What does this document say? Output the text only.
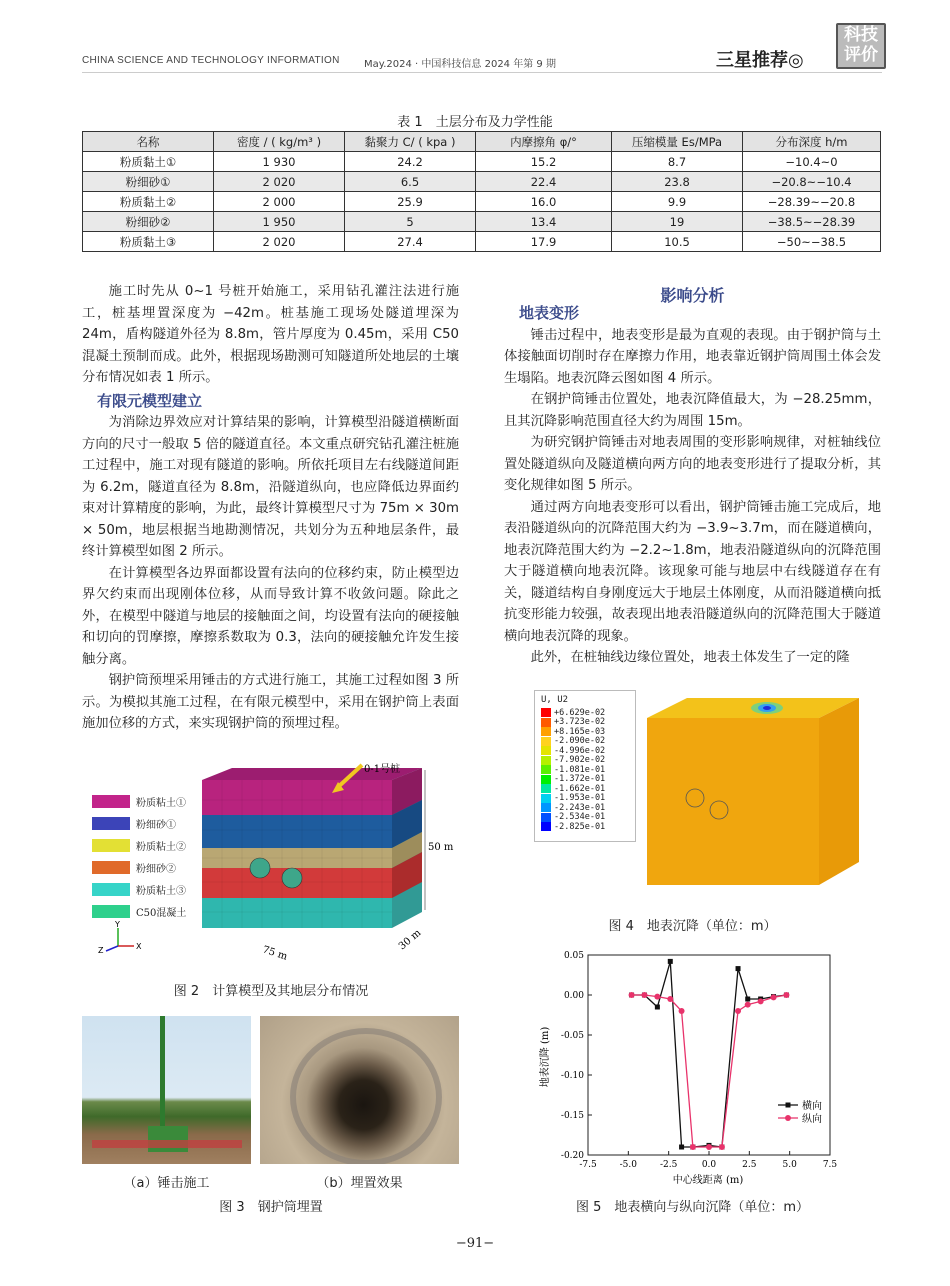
CHINA SCIENCE AND TECHNOLOGY INFORMATION May.2024 · 中国科技信息 2024 年第 9 期	三星推荐◎
科技
评价
表 1　土层分布及力学性能
名称	密度 / ( kg/m³ )	黏聚力 C/ ( kpa )	内摩擦角 φ/°	压缩模量 Es/MPa	分布深度 h/m
粉质黏土①	1 930	24.2	15.2	8.7	−10.4~0
粉细砂①	2 020	6.5	22.4	23.8	−20.8~−10.4
粉质黏土②	2 000	25.9	16.0	9.9	−28.39~−20.8
粉细砂②	1 950	5	13.4	19	−38.5~−28.39
粉质黏土③	2 020	27.4	17.9	10.5	−50~−38.5

施工时先从 0~1 号桩开始施工，采用钻孔灌注法进行施工，桩基埋置深度为 −42m。桩基施工现场处隧道埋深为 24m，盾构隧道外径为 8.8m，管片厚度为 0.45m，采用 C50 混凝土预制而成。此外，根据现场勘测可知隧道所处地层的土壤分布情况如表 1 所示。

有限元模型建立

为消除边界效应对计算结果的影响，计算模型沿隧道横断面方向的尺寸一般取 5 倍的隧道直径。本文重点研究钻孔灌注桩施工过程中，施工对现有隧道的影响。所依托项目左右线隧道间距为 6.2m，隧道直径为 8.8m，沿隧道纵向，也应降低边界面约束对计算精度的影响，为此，最终计算模型尺寸为 75m × 30m × 50m，地层根据当地勘测情况，共划分为五种地层条件，最终计算模型如图 2 所示。

在计算模型各边界面都设置有法向的位移约束，防止模型边界欠约束而出现刚体位移，从而导致计算不收敛问题。除此之外，在模型中隧道与地层的接触面之间，均设置有法向的硬接触和切向的罚摩擦，摩擦系数取为 0.3，法向的硬接触允许发生接触分离。

钢护筒预埋采用锤击的方式进行施工，其施工过程如图 3 所示。为模拟其施工过程，在有限元模型中，采用在钢护筒上表面施加位移的方式，来实现钢护筒的预埋过程。

粉质粘土①
粉细砂①
粉质粘土②
粉细砂②
粉质粘土③
C50混凝土
0-1号桩
50 m
75 m
30 m
Y
Z	X
图 2　计算模型及其地层分布情况
（a）锤击施工	（b）埋置效果
图 3　钢护筒埋置
影响分析

地表变形

锤击过程中，地表变形是最为直观的表现。由于钢护筒与土体接触面切削时存在摩擦力作用，地表靠近钢护筒周围土体会发生塌陷。地表沉降云图如图 4 所示。

在钢护筒锤击位置处，地表沉降值最大，为 −28.25mm，且其沉降影响范围直径大约为周围 15m。

为研究钢护筒锤击对地表周围的变形影响规律，对桩轴线位置处隧道纵向及隧道横向两方向的地表变形进行了提取分析，其变化规律如图 5 所示。

通过两方向地表变形可以看出，钢护筒锤击施工完成后，地表沿隧道纵向的沉降范围大约为 −3.9~3.7m，而在隧道横向，地表沉降范围大约为 −2.2~1.8m，地表沿隧道纵向的沉降范围大于隧道横向地表沉降。该现象可能与地层中右线隧道存在有关，隧道结构自身刚度远大于地层土体刚度，从而沿隧道横向抵抗变形能力较强，故表现出地表沿隧道纵向的沉降范围大于隧道横向地表沉降的现象。

此外，在桩轴线边缘位置处，地表土体发生了一定的隆

U, U2
+6.629e-02
+3.723e-02
+8.165e-03
-2.090e-02
-4.996e-02
-7.902e-02
-1.081e-01
-1.372e-01
-1.662e-01
-1.953e-01
-2.243e-01
-2.534e-01
-2.825e-01
图 4　地表沉降（单位：m）
-7.5	-5.0	-2.5	0.0	2.5	5.0	7.5
0.05
0.00
-0.05
-0.10
-0.15
-0.20
中心线距离 (m)
地表沉降 (m)
横向
纵向
图 5　地表横向与纵向沉降（单位：m）
−91−
